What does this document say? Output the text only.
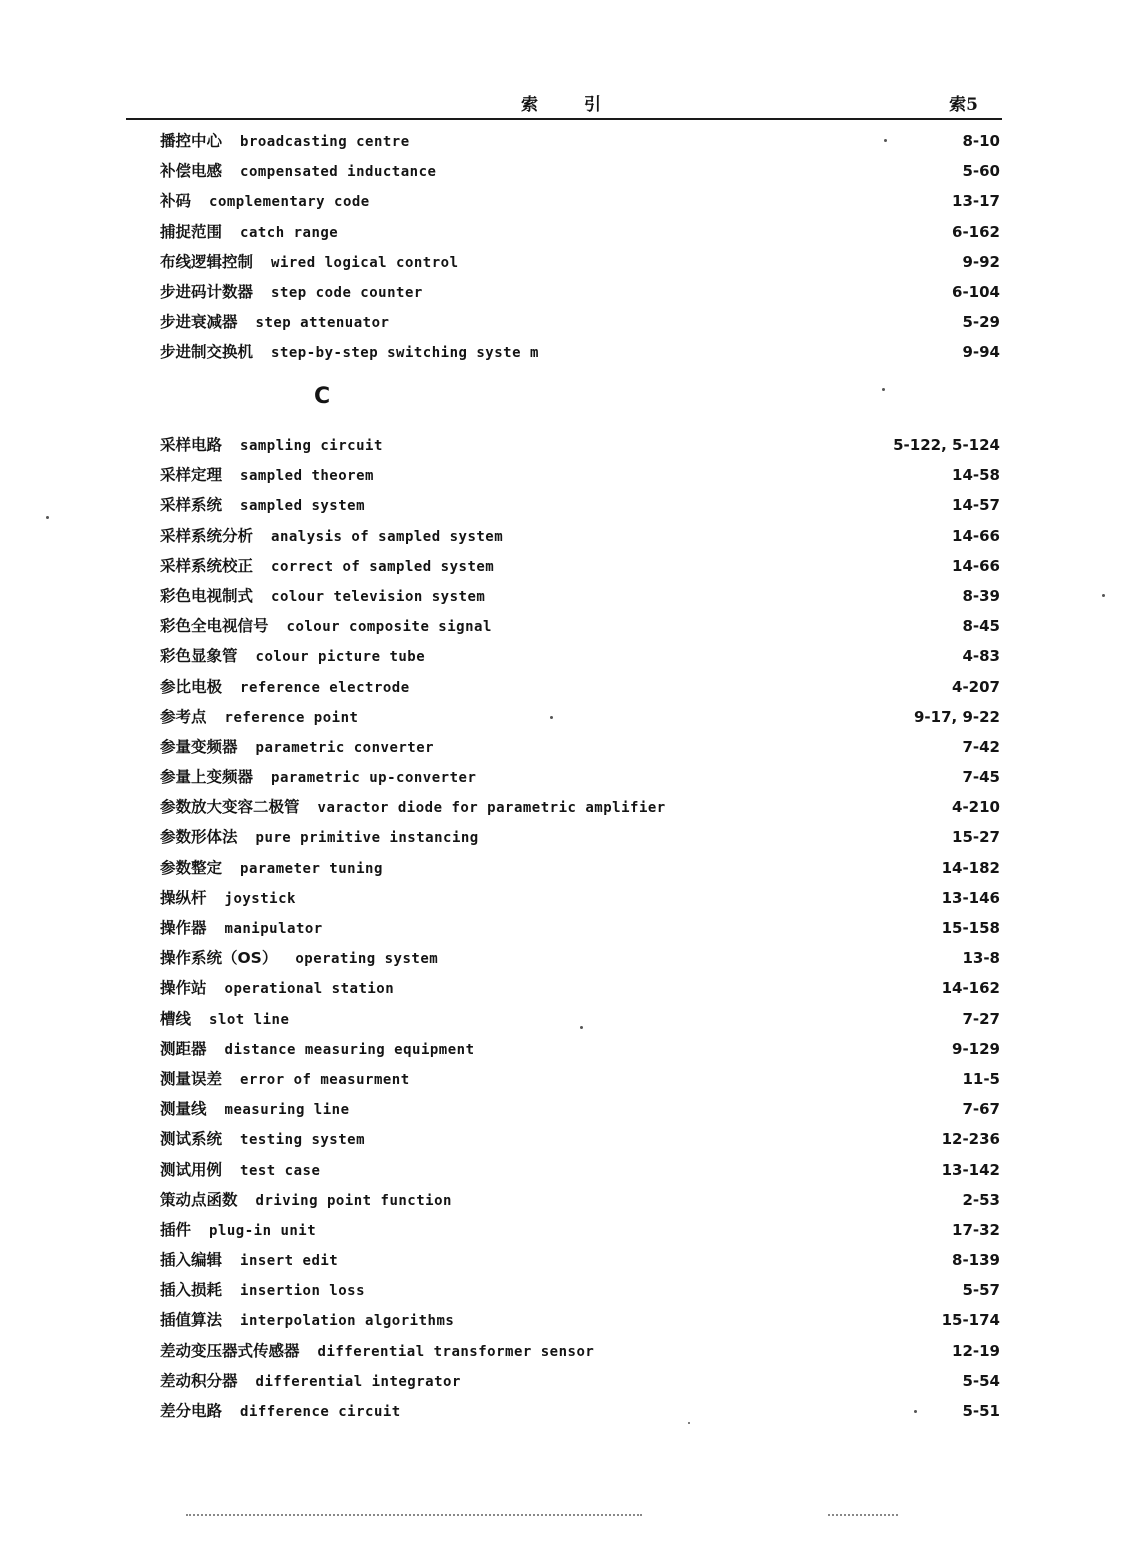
索引	索5
播控中心 broadcasting centre	8-10
补偿电感 compensated inductance	5-60
补码 complementary code	13-17
捕捉范围 catch range	6-162
布线逻辑控制 wired logical control	9-92
步进码计数器 step code counter	6-104
步进衰减器 step attenuator	5-29
步进制交换机 step-by-step switching syste m	9-94
C
采样电路 sampling circuit	5-122, 5-124
采样定理 sampled theorem	14-58
采样系统 sampled system	14-57
采样系统分析 analysis of sampled system	14-66
采样系统校正 correct of sampled system	14-66
彩色电视制式 colour television system	8-39
彩色全电视信号 colour composite signal	8-45
彩色显象管 colour picture tube	4-83
参比电极 reference electrode	4-207
参考点 reference point	9-17, 9-22
参量变频器 parametric converter	7-42
参量上变频器 parametric up-converter	7-45
参数放大变容二极管 varactor diode for parametric amplifier	4-210
参数形体法 pure primitive instancing	15-27
参数整定 parameter tuning	14-182
操纵杆 joystick	13-146
操作器 manipulator	15-158
操作系统（OS） operating system	13-8
操作站 operational station	14-162
槽线 slot line	7-27
测距器 distance measuring equipment	9-129
测量误差 error of measurment	11-5
测量线 measuring line	7-67
测试系统 testing system	12-236
测试用例 test case	13-142
策动点函数 driving point function	2-53
插件 plug-in unit	17-32
插入编辑 insert edit	8-139
插入损耗 insertion loss	5-57
插值算法 interpolation algorithms	15-174
差动变压器式传感器 differential transformer sensor	12-19
差动积分器 differential integrator	5-54
差分电路 difference circuit	5-51
